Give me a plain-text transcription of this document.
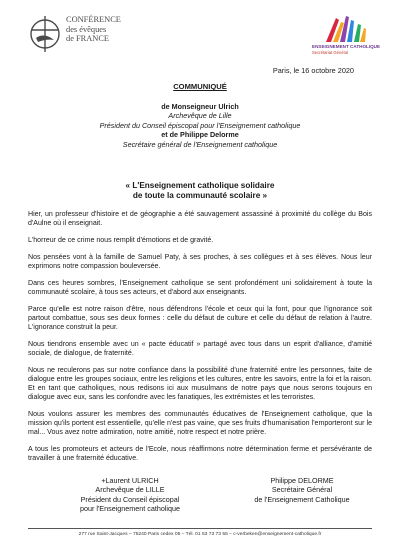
CONFÉRENCE
des évêques
de FRANCE
ENSEIGNEMENT CATHOLIQUE
Secrétariat Général
Paris, le 16 octobre 2020
COMMUNIQUÉ
de Monseigneur Ulrich
Archevêque de Lille
Président du Conseil épiscopal pour l'Enseignement catholique
et de Philippe Delorme
Secrétaire général de l'Enseignement catholique
« L'Enseignement catholique solidaire
de toute la communauté scolaire »

Hier, un professeur d'histoire et de géographie a été sauvagement assassiné à proximité du collège du Bois d'Aulne où il enseignait.

L'horreur de ce crime nous remplit d'émotions et de gravité.

Nos pensées vont à la famille de Samuel Paty, à ses proches, à ses collègues et à ses élèves. Nous leur exprimons notre compassion bouleversée.

Dans ces heures sombres, l'Enseignement catholique se sent profondément uni solidairement à toute la communauté scolaire, à tous ses acteurs, et d'abord aux enseignants.

Parce qu'elle est notre raison d'être, nous défendrons l'école et ceux qui la font, pour que l'ignorance soit partout combattue, sous ses deux formes : celle du défaut de culture et celle du défaut de relation à l'autre. L'ignorance construit la peur.

Nous tiendrons ensemble avec un « pacte éducatif » partagé avec tous dans un esprit d'alliance, d'amitié sociale, de dialogue, de fraternité.

Nous ne reculerons pas sur notre confiance dans la possibilité d'une fraternité entre les personnes, faite de dialogue entre les groupes sociaux, entre les religions et les cultures, entre les savoirs, entre la foi et la raison. Et en tant que catholiques, nous redisons ici aux musulmans de notre pays que nous serons toujours en dialogue avec eux, sans les confondre avec les fanatiques, les extrémistes et les terroristes.

Nous voulons assurer les membres des communautés éducatives de l'Enseignement catholique, que la mission qu'ils portent est essentielle, qu'elle n'est pas vaine, que ses fruits d'humanisation l'emporteront sur le mal... Vous avez notre admiration, notre amitié, notre respect et notre prière.

A tous les promoteurs et acteurs de l'Ecole, nous réaffirmons notre détermination ferme et persévérante de travailler à une fraternité éducative.

+Laurent ULRICH
Archevêque de LILLE
Président du Conseil épiscopal
pour l'Enseignement catholique
Philippe DELORME
Secrétaire Général
de l'Enseignement Catholique
277 rue Saint-Jacques – 75240 Paris cedex 05 – Tél. 01 53 73 73 55 – c-verbeken@enseignement-catholique.fr
